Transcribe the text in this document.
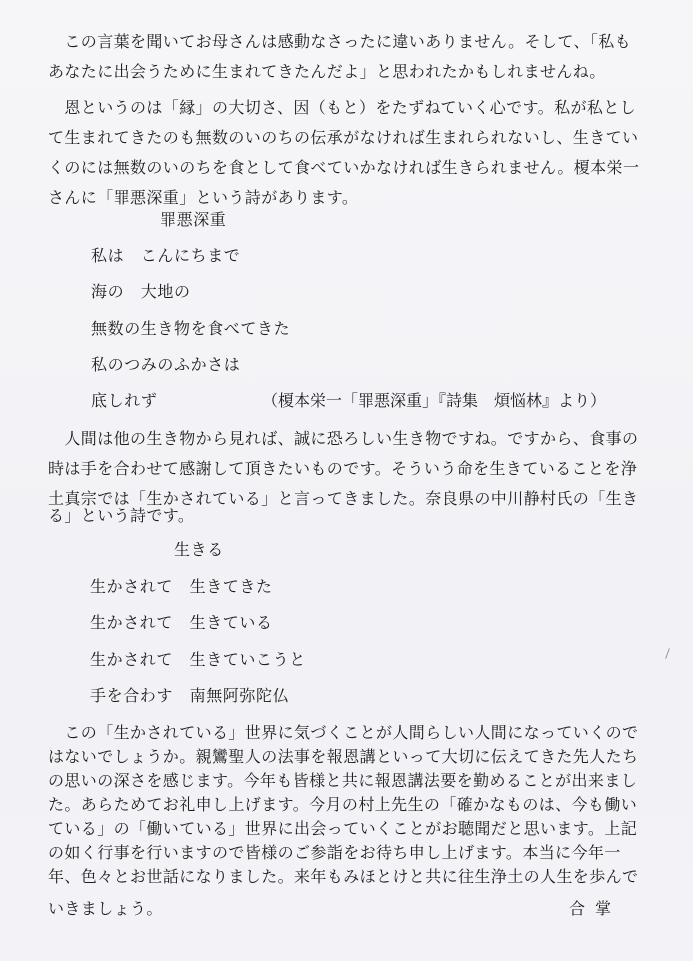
　この言葉を聞いてお母さんは感動なさったに違いありません。そして、「私も
あなたに出会うために生まれてきたんだよ」と思われたかもしれませんね。
　恩というのは「縁」の大切さ、因（もと）をたずねていく心です。私が私とし
て生まれてきたのも無数のいのちの伝承がなければ生まれられないし、生きてい
くのには無数のいのちを食として食べていかなければ生きられません。榎本栄一
さんに「罪悪深重」という詩があります。
罪悪深重
私は　こんにちまで
海の　大地の
無数の生き物を食べてきた
私のつみのふかさは
底しれず	（榎本栄一「罪悪深重」『詩集　煩悩林』より）
　人間は他の生き物から見れば、誠に恐ろしい生き物ですね。ですから、食事の
時は手を合わせて感謝して頂きたいものです。そういう命を生きていることを浄
土真宗では「生かされている」と言ってきました。奈良県の中川静村氏の「生き
る」という詩です。
生きる
生かされて　生きてきた
生かされて　生きている
生かされて　生きていこうと
手を合わす　南無阿弥陀仏
　この「生かされている」世界に気づくことが人間らしい人間になっていくので
はないでしょうか。親鸞聖人の法事を報恩講といって大切に伝えてきた先人たち
の思いの深さを感じます。今年も皆様と共に報恩講法要を勤めることが出来まし
た。あらためてお礼申し上げます。今月の村上先生の「確かなものは、今も働い
ている」の「働いている」世界に出会っていくことがお聴聞だと思います。上記
の如く行事を行いますので皆様のご参詣をお待ち申し上げます。本当に今年一
年、色々とお世話になりました。来年もみほとけと共に往生浄土の人生を歩んで
いきましょう。	合掌
